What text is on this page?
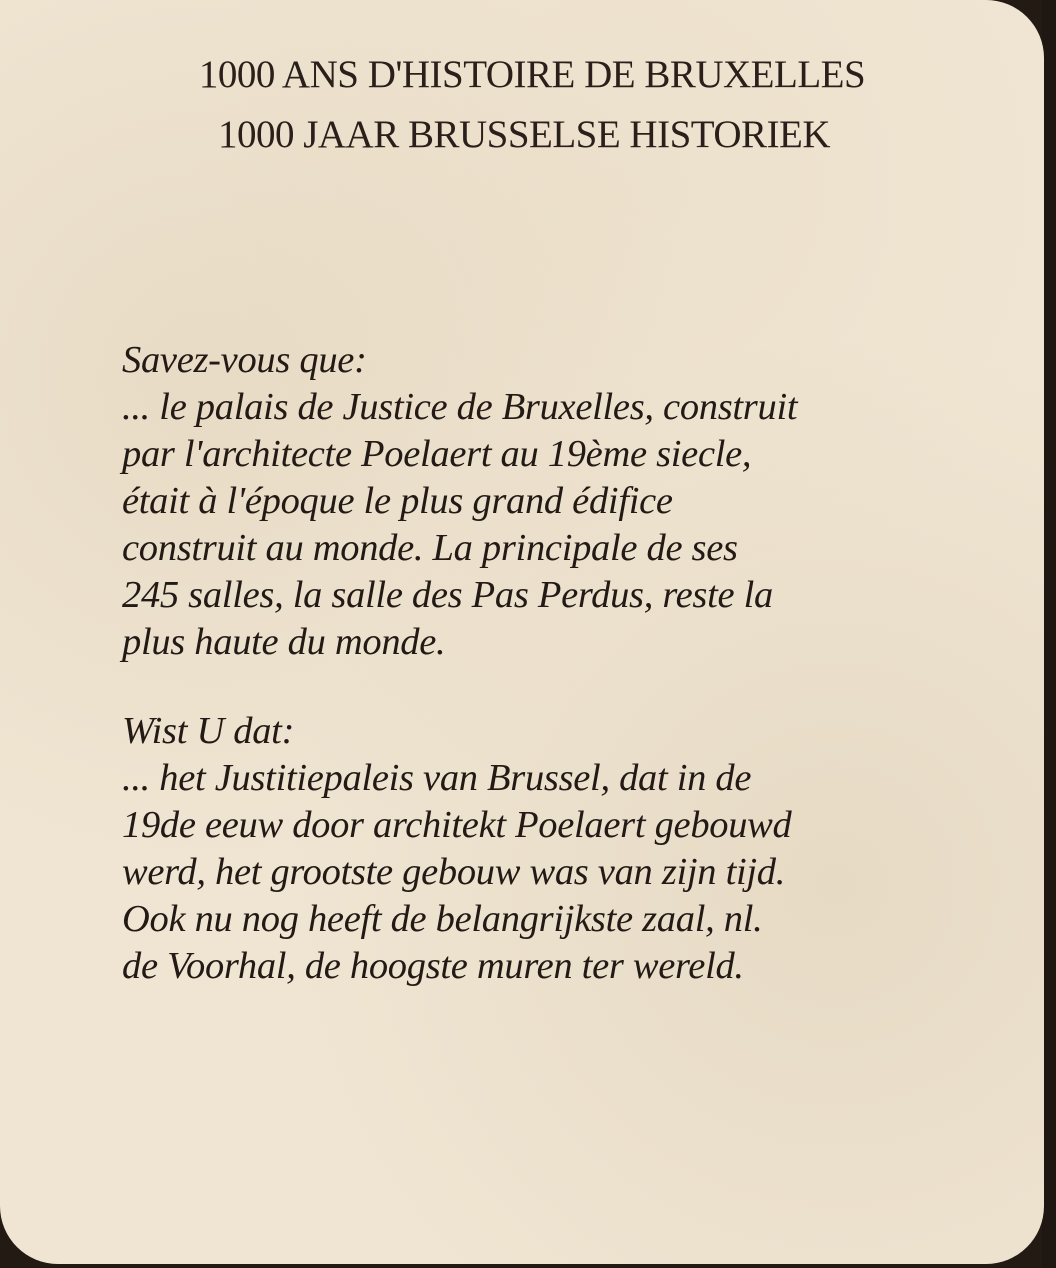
1000 ANS D'HISTOIRE DE BRUXELLES
1000 JAAR BRUSSELSE HISTORIEK
Savez-vous que:
... le palais de Justice de Bruxelles, construit
par l'architecte Poelaert au 19ème siecle,
était à l'époque le plus grand édifice
construit au monde. La principale de ses
245 salles, la salle des Pas Perdus, reste la
plus haute du monde.
Wist U dat:
... het Justitiepaleis van Brussel, dat in de
19de eeuw door architekt Poelaert gebouwd
werd, het grootste gebouw was van zijn tijd.
Ook nu nog heeft de belangrijkste zaal, nl.
de Voorhal, de hoogste muren ter wereld.
